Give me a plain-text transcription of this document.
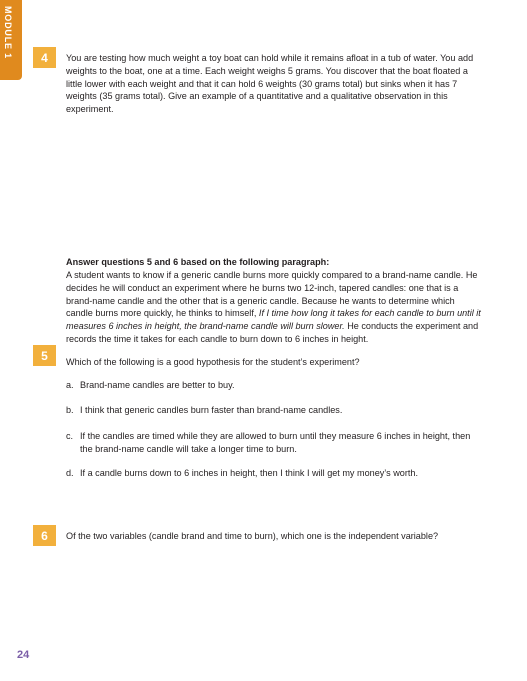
MODULE 1 4 You are testing how much weight a toy boat can hold while it remains afloat in a tub of water. You add weights to the boat, one at a time. Each weight weighs 5 grams. You discover that the boat floated a little lower with each weight and that it can hold 6 weights (30 grams total) but sinks when it has 7 weights (35 grams total). Give an example of a quantitative and a qualitative observation in this experiment.
Answer questions 5 and 6 based on the following paragraph:
A student wants to know if a generic candle burns more quickly compared to a brand-name candle. He decides he will conduct an experiment where he burns two 12-inch, tapered candles: one that is a brand-name candle and the other that is a generic candle. Because he wants to determine which candle burns more quickly, he thinks to himself, If I time how long it takes for each candle to burn until it measures 6 inches in height, the brand-name candle will burn slower. He conducts the experiment and records the time it takes for each candle to burn down to 6 inches in height.
5 Which of the following is a good hypothesis for the student’s experiment?
a. Brand-name candles are better to buy.
b. I think that generic candles burn faster than brand-name candles.
c. If the candles are timed while they are allowed to burn until they measure 6 inches in height, then the brand-name candle will take a longer time to burn.
d. If a candle burns down to 6 inches in height, then I think I will get my money’s worth.
6 Of the two variables (candle brand and time to burn), which one is the independent variable?
24
